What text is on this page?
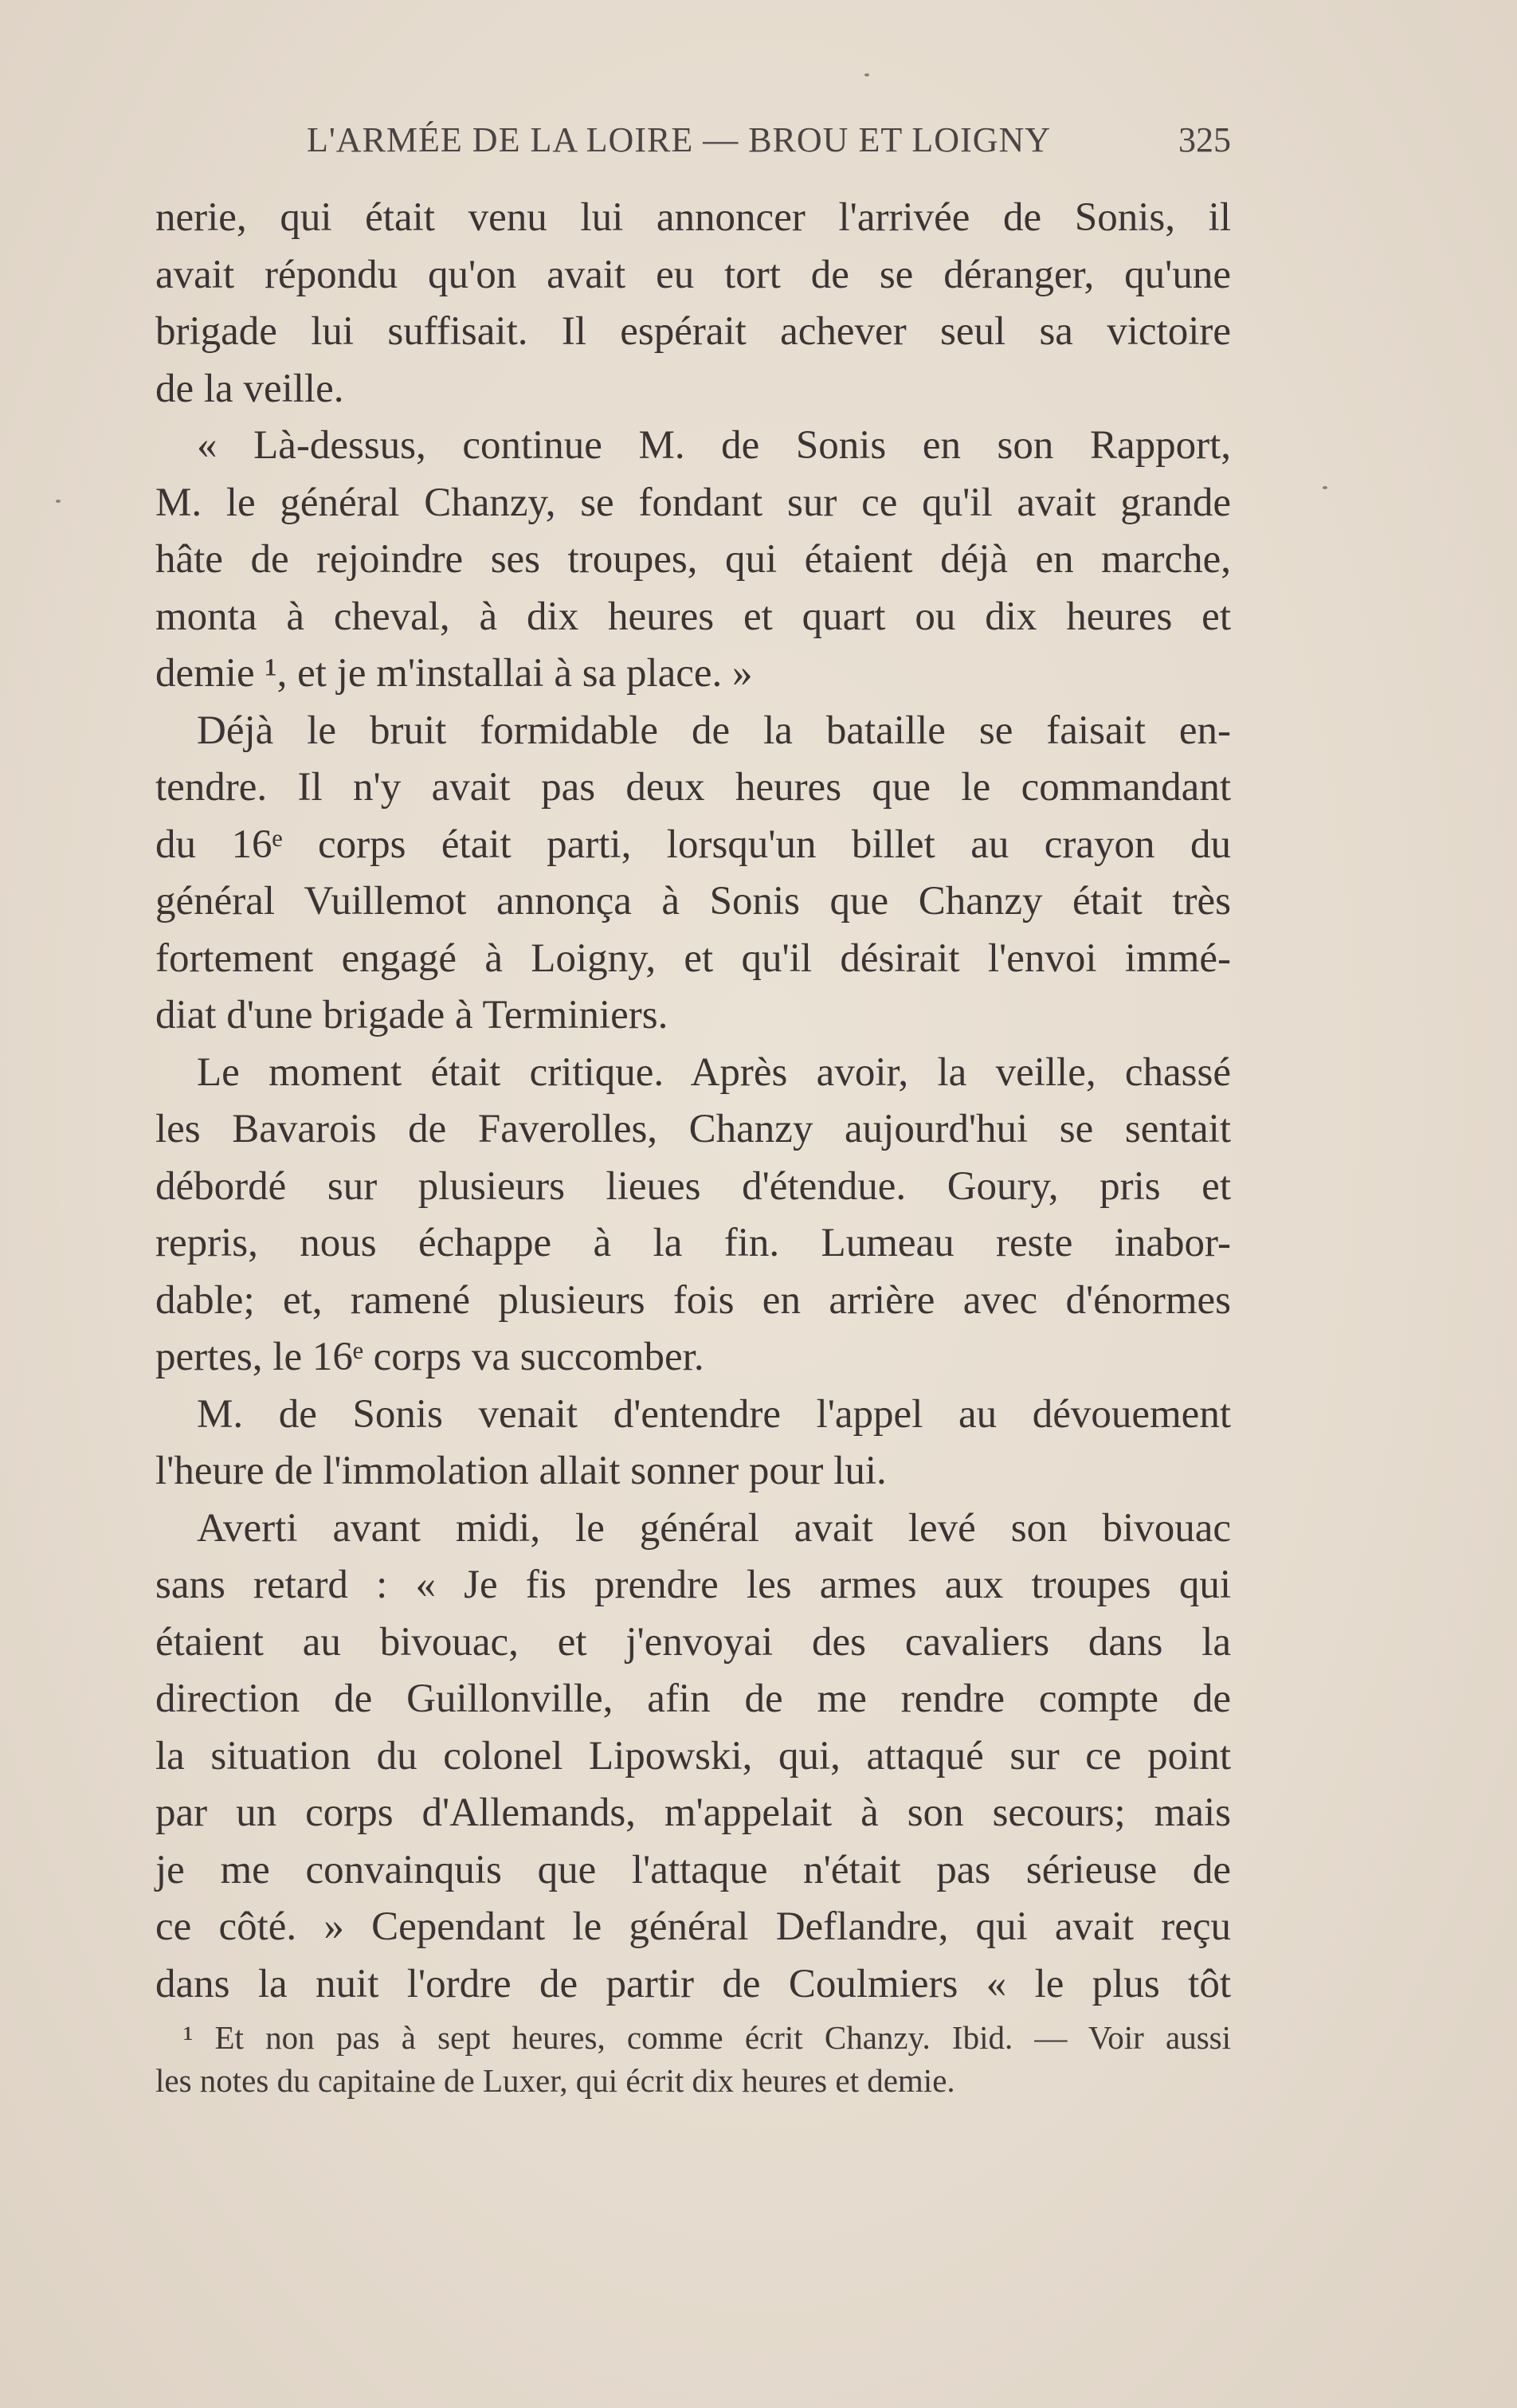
L'ARMÉE DE LA LOIRE — BROU ET LOIGNY	325
nerie, qui était venu lui annoncer l'arrivée de Sonis, il
avait répondu qu'on avait eu tort de se déranger, qu'une
brigade lui suffisait. Il espérait achever seul sa victoire
de la veille.
« Là-dessus, continue M. de Sonis en son Rapport,
M. le général Chanzy, se fondant sur ce qu'il avait grande
hâte de rejoindre ses troupes, qui étaient déjà en marche,
monta à cheval, à dix heures et quart ou dix heures et
demie ¹, et je m'installai à sa place. »
Déjà le bruit formidable de la bataille se faisait en-
tendre. Il n'y avait pas deux heures que le commandant
du 16ᵉ corps était parti, lorsqu'un billet au crayon du
général Vuillemot annonça à Sonis que Chanzy était très
fortement engagé à Loigny, et qu'il désirait l'envoi immé-
diat d'une brigade à Terminiers.
Le moment était critique. Après avoir, la veille, chassé
les Bavarois de Faverolles, Chanzy aujourd'hui se sentait
débordé sur plusieurs lieues d'étendue. Goury, pris et
repris, nous échappe à la fin. Lumeau reste inabor-
dable; et, ramené plusieurs fois en arrière avec d'énormes
pertes, le 16ᵉ corps va succomber.
M. de Sonis venait d'entendre l'appel au dévouement
l'heure de l'immolation allait sonner pour lui.
Averti avant midi, le général avait levé son bivouac
sans retard : « Je fis prendre les armes aux troupes qui
étaient au bivouac, et j'envoyai des cavaliers dans la
direction de Guillonville, afin de me rendre compte de
la situation du colonel Lipowski, qui, attaqué sur ce point
par un corps d'Allemands, m'appelait à son secours; mais
je me convainquis que l'attaque n'était pas sérieuse de
ce côté. » Cependant le général Deflandre, qui avait reçu
dans la nuit l'ordre de partir de Coulmiers « le plus tôt
¹ Et non pas à sept heures, comme écrit Chanzy. Ibid. — Voir aussi
les notes du capitaine de Luxer, qui écrit dix heures et demie.
